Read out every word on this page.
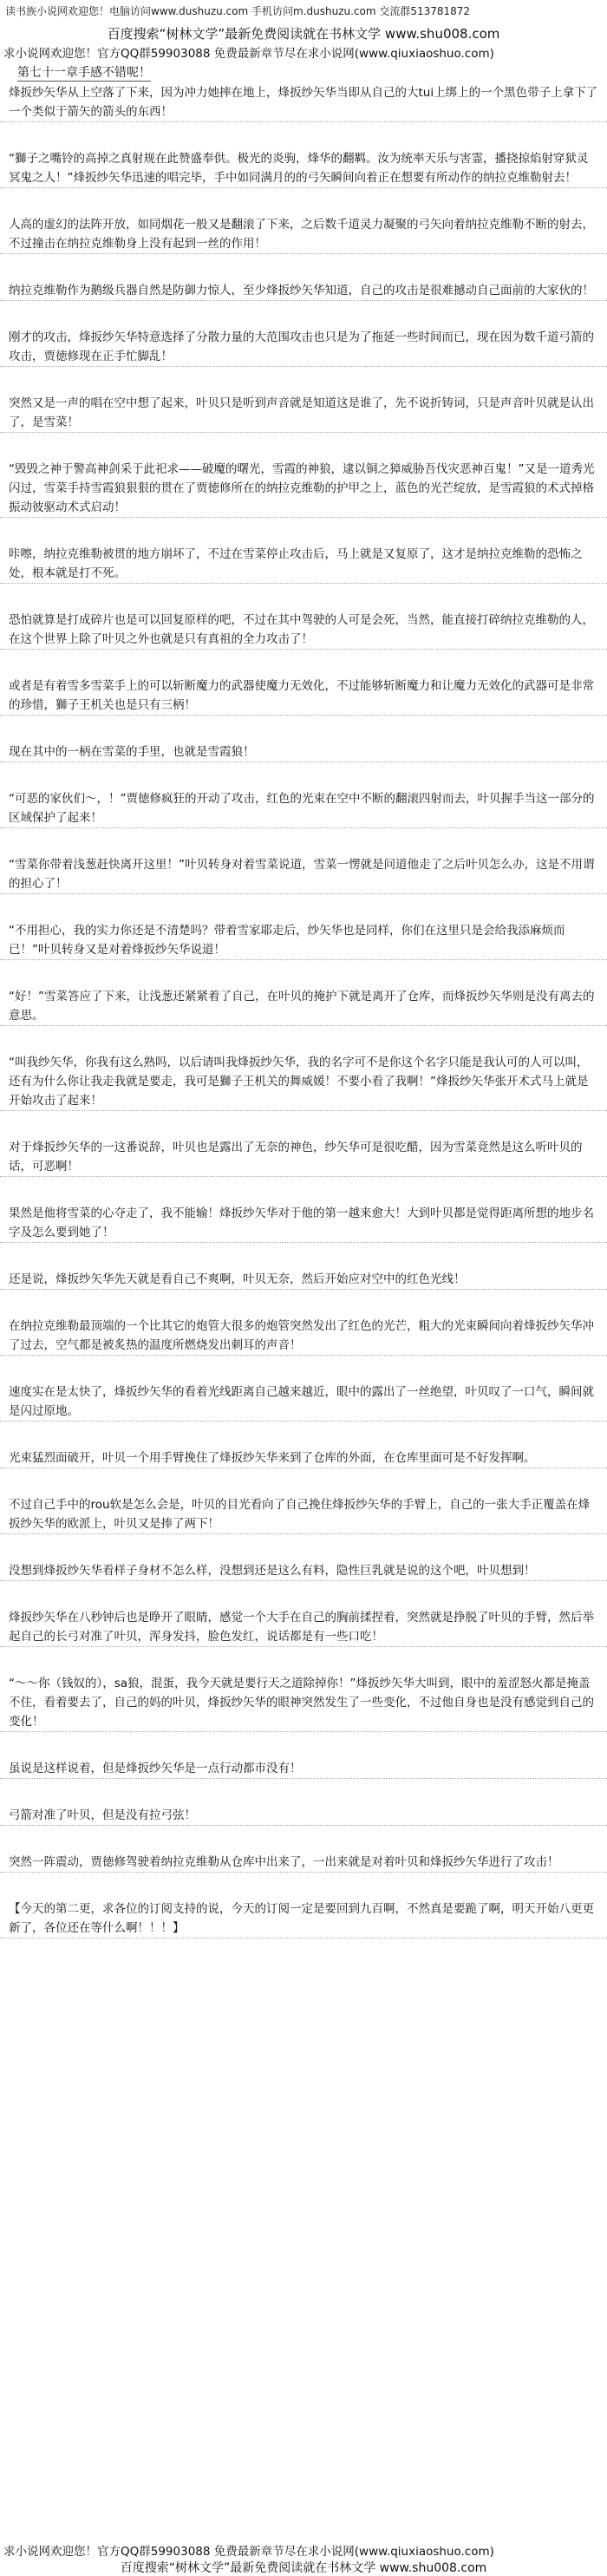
读书族小说网欢迎您！电脑访问www.dushuzu.com 手机访问m.dushuzu.com 交流群513781872
百度搜索“树林文学”最新免费阅读就在书林文学 www.shu008.com
求小说网欢迎您！官方QQ群59903088 免费最新章节尽在求小说网(www.qiuxiaoshuo.com)
第七十一章手感不错呢！

烽扳纱矢华从上空落了下来，因为冲力她摔在地上，烽扳纱矢华当即从自己的大tui上绑上的一个黑色带子上拿下了一个类似于箭矢的箭头的东西！

“獅子之嘴铃的高掉之真射规在此赞盛奉供。极光的炎驹，烽华的翻羁。汝为统率天乐与害霊，播挠掠焰射穿狱灵冥鬼之人！”烽扳纱矢华迅速的唱完毕，手中如同满月的的弓矢瞬间向着正在想要有所动作的纳拉克维勒射去！

人高的虚幻的法阵开放，如同烟花一般又是翻滚了下来，之后数千道灵力凝聚的弓矢向着纳拉克维勒不断的射去，不过撞击在纳拉克维勒身上没有起到一丝的作用！

纳拉克维勒作为鹅级兵器自然是防御力惊人，至少烽扳纱矢华知道，自己的攻击是很难撼动自己面前的大家伙的！

刚才的攻击，烽扳纱矢华特意选择了分散力量的大范围攻击也只是为了拖延一些时间而已，现在因为数千道弓箭的攻击，贾徳修现在正手忙脚乱！

突然又是一声的唱在空中想了起来，叶贝只是听到声音就是知道这是谁了，先不说折铸词，只是声音叶贝就是认出了，是雪菜！

“毁毁之神于警高神剑采于此祀求——破魔的曙光，雪霞的神狼，逮以铜之獐威胁吾伐灾恶神百鬼！”又是一道秀光闪过，雪菜手持雪霞狼狠狠的贯在了贾徳修所在的纳拉克维勒的护甲之上，蓝色的光芒绽放，是雪霞狼的术式掉格振动彼驱动术式启动！

咔嚓，纳拉克维勒被贯的地方崩坏了，不过在雪菜停止攻击后，马上就是又复原了，这才是纳拉克维勒的恐怖之处，根本就是打不死。

恐怕就算是打成碎片也是可以回复原样的吧，不过在其中驾驶的人可是会死，当然，能直接打碎纳拉克维勒的人，在这个世界上除了叶贝之外也就是只有真祖的全力攻击了！

或者是有着雪多雪菜手上的可以斩断魔力的武器使魔力无效化，不过能够斩断魔力和让魔力无效化的武器可是非常的珍惜，獅子王机关也是只有三柄！

现在其中的一柄在雪菜的手里，也就是雪霞狼！

“可恶的家伙们～，！”贾徳修疯狂的开动了攻击，红色的光束在空中不断的翻滚四射而去，叶贝握手当这一部分的区域保护了起来！

“雪菜你带着浅葱赶快离开这里！”叶贝转身对着雪菜说道，雪菜一愣就是问道他走了之后叶贝怎么办，这是不用谓的担心了！

“不用担心，我的实力你还是不清楚吗？带着雪家耶走后，纱矢华也是同样，你们在这里只是会给我添麻烦而已！”叶贝转身又是对着烽扳纱矢华说道！

“好！”雪菜答应了下来，让浅葱还紧紧着了自己，在叶贝的掩护下就是离开了仓库，而烽扳纱矢华则是没有离去的意思。

“叫我纱矢华，你我有这么熟吗，以后请叫我烽扳纱矢华，我的名字可不是你这个名字只能是我认可的人可以叫，还有为什么你让我走我就是要走，我可是獅子王机关的舞威媛！不要小看了我啊！”烽扳纱矢华张开术式马上就是开始攻击了起来！

对于烽扳纱矢华的一这番说辞，叶贝也是露出了无奈的神色，纱矢华可是很吃醋，因为雪菜竟然是这么听叶贝的话，可恶啊！

果然是他将雪菜的心夺走了，我不能输！烽扳纱矢华对于他的第一越来愈大！大到叶贝都是觉得距离所想的地步名字及怎么要到她了！

还是说，烽扳纱矢华先天就是看自己不爽啊，叶贝无奈，然后开始应对空中的红色光线！

在纳拉克维勒最顶端的一个比其它的炮管大很多的炮管突然发出了红色的光芒，粗大的光束瞬间向着烽扳纱矢华冲了过去，空气都是被炙热的温度所燃烧发出刺耳的声音！

速度实在是太快了，烽扳纱矢华的看着光线距离自己越来越近，眼中的露出了一丝绝望，叶贝叹了一口气，瞬间就是闪过原地。

光束猛烈面破开，叶贝一个用手臂挽住了烽扳纱矢华来到了仓库的外面，在仓库里面可是不好发挥啊。

不过自己手中的rou软是怎么会是，叶贝的目光看向了自己挽住烽扳纱矢华的手臂上，自己的一张大手正覆盖在烽扳纱矢华的欧派上，叶贝又是捧了两下！

没想到烽扳纱矢华看样子身材不怎么样，没想到还是这么有料，隐性巨乳就是说的这个吧，叶贝想到！

烽扳纱矢华在八秒钟后也是睁开了眼睛，感觉一个大手在自己的胸前揉捏着，突然就是挣脱了叶贝的手臂，然后举起自己的长弓对准了叶贝，浑身发抖，脸色发红，说话都是有一些口吃！

“～～你（钱奴的），sa狼，混蛋，我今天就是要行天之道除掉你！”烽扳纱矢华大叫到，眼中的羞涩怒火都是掩盖不住，看着要去了，自己的妈的叶贝，烽扳纱矢华的眼神突然发生了一些变化，不过他自身也是没有感觉到自己的变化！

虽说是这样说着，但是烽扳纱矢华是一点行动都市没有！

弓箭对准了叶贝，但是没有拉弓弦！

突然一阵震动，贾徳修驾驶着纳拉克维勒从仓库中出来了，一出来就是对着叶贝和烽扳纱矢华进行了攻击！

【今天的第二更，求各位的订阅支持的说，今天的订阅一定是要回到九百啊，不然真是要跪了啊，明天开始八更更新了，各位还在等什么啊！！！】

求小说网欢迎您！官方QQ群59903088 免费最新章节尽在求小说网(www.qiuxiaoshuo.com)
百度搜索“树林文学”最新免费阅读就在书林文学 www.shu008.com
